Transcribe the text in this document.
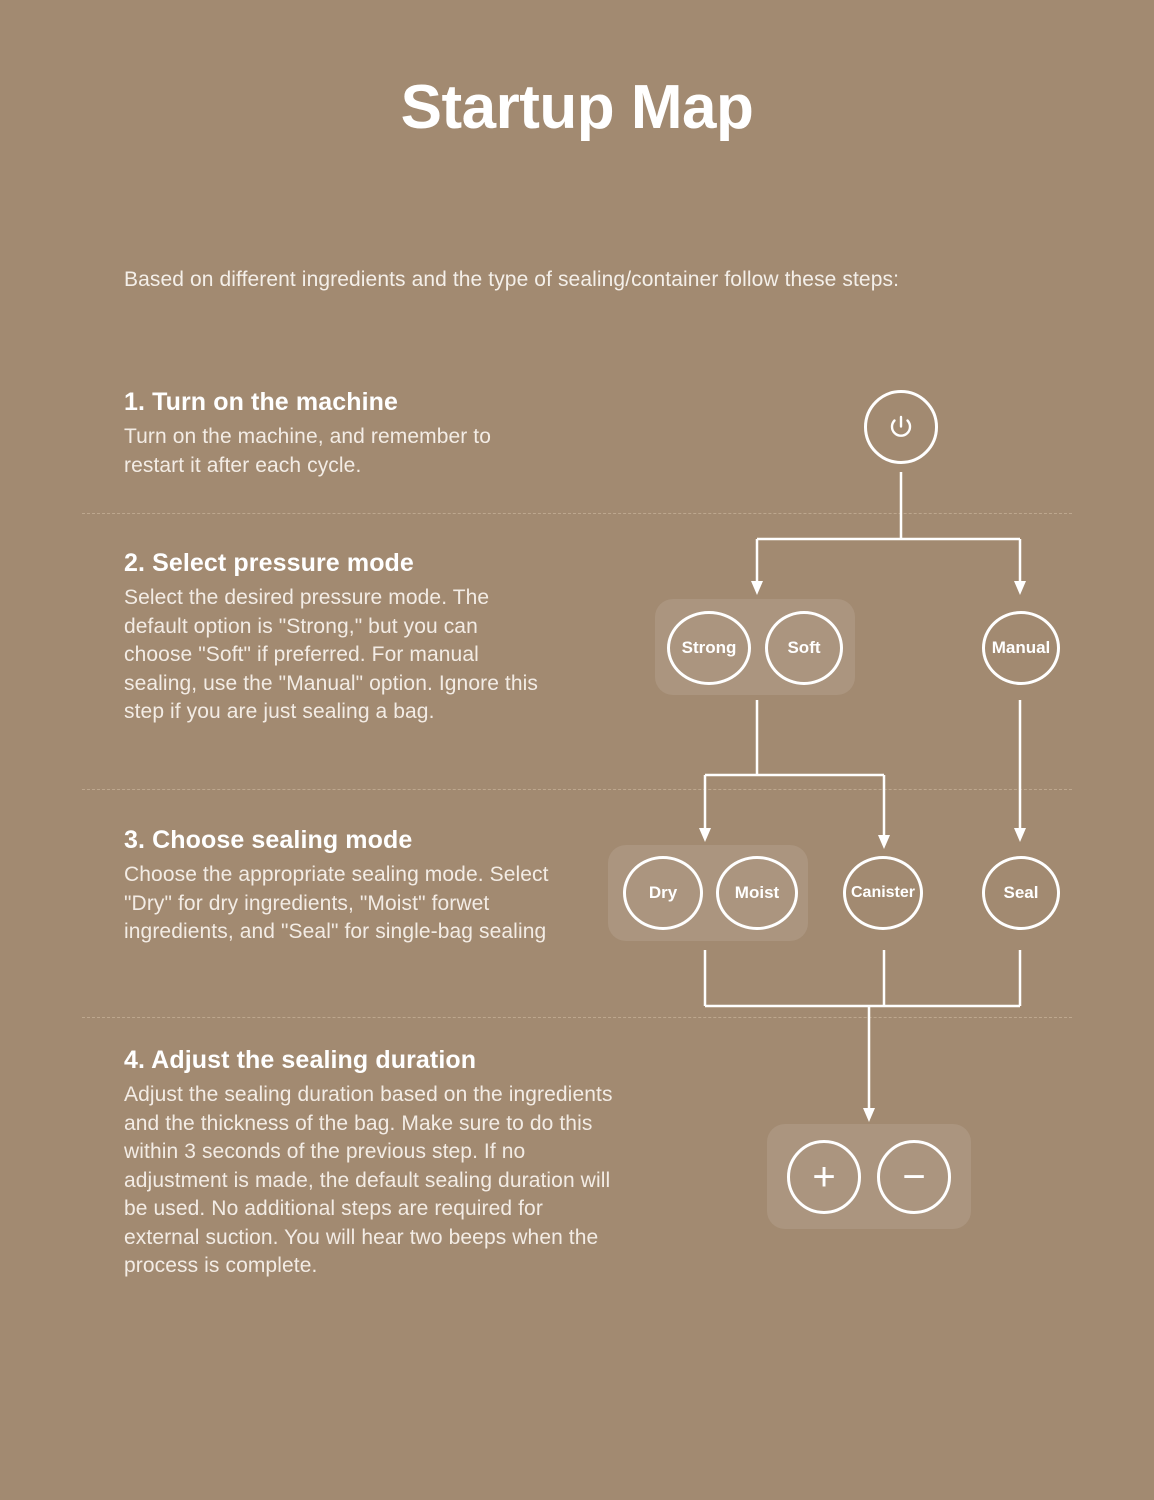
Startup Map
Based on different ingredients and the type of sealing/container follow these steps:

1. Turn on the machine

Turn on the machine, and remember to restart it after each cycle.

2. Select pressure mode

Select the desired pressure mode. The default option is "Strong," but you can choose "Soft" if preferred. For manual sealing, use the "Manual" option. Ignore this step if you are just sealing a bag.

3. Choose sealing mode

Choose the appropriate sealing mode. Select "Dry" for dry ingredients, "Moist" forwet ingredients, and "Seal" for single-bag sealing

4. Adjust the sealing duration

Adjust the sealing duration based on the ingredients and the thickness of the bag. Make sure to do this within 3 seconds of the previous step. If no adjustment is made, the default sealing duration will be used. No additional steps are required for external suction. You will hear two beeps when the process is complete.

Strong	Soft	Manual
Dry	Moist	Canister	Seal
+	−
